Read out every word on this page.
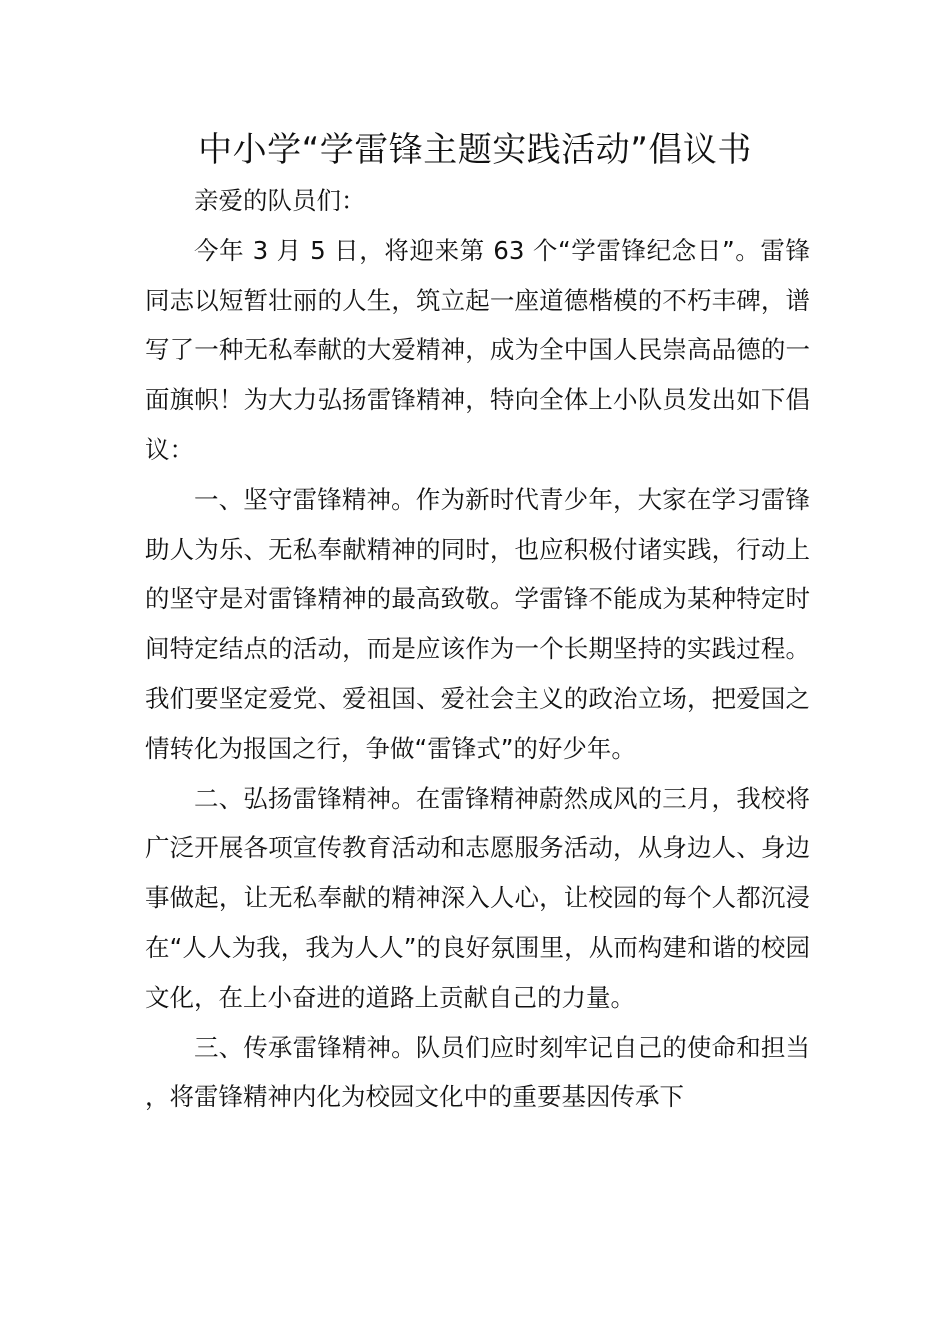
中小学“学雷锋主题实践活动”倡议书

亲爱的队员们：

今年 3 月 5 日，将迎来第 63 个“学雷锋纪念日”。雷锋同志以短暂壮丽的人生，筑立起一座道德楷模的不朽丰碑，谱写了一种无私奉献的大爱精神，成为全中国人民崇高品德的一面旗帜！为大力弘扬雷锋精神，特向全体上小队员发出如下倡议：

一、坚守雷锋精神。作为新时代青少年，大家在学习雷锋助人为乐、无私奉献精神的同时，也应积极付诸实践，行动上的坚守是对雷锋精神的最高致敬。学雷锋不能成为某种特定时间特定结点的活动，而是应该作为一个长期坚持的实践过程。我们要坚定爱党、爱祖国、爱社会主义的政治立场，把爱国之情转化为报国之行，争做“雷锋式”的好少年。

二、弘扬雷锋精神。在雷锋精神蔚然成风的三月，我校将广泛开展各项宣传教育活动和志愿服务活动，从身边人、身边事做起，让无私奉献的精神深入人心，让校园的每个人都沉浸在“人人为我，我为人人”的良好氛围里，从而构建和谐的校园文化，在上小奋进的道路上贡献自己的力量。

三、传承雷锋精神。队员们应时刻牢记自己的使命和担当，将雷锋精神内化为校园文化中的重要基因传承下
